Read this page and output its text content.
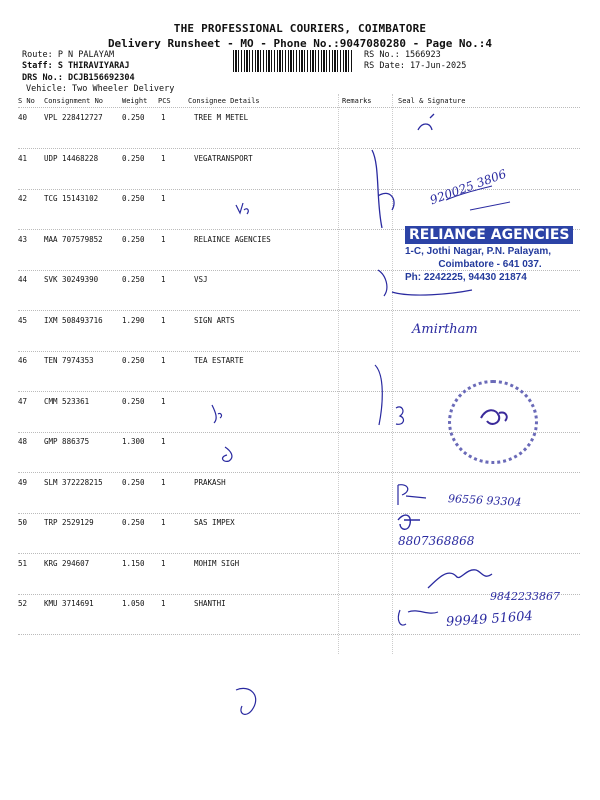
THE PROFESSIONAL COURIERS, COIMBATORE
Delivery Runsheet - MO - Phone No.:9047080280 - Page No.:4
Route: P N PALAYAM
Staff: S THIRAVIYARAJ
DRS No.: DCJB156692304
Vehicle: Two Wheeler Delivery
RS No.: 1566923
RS Date: 17-Jun-2025
S No Consignment No	Weight PCS Consignee Details	Remarks	Seal & Signature
40 VPL 228412727	0.250 1	TREE M METEL
41 UDP 14468228	0.250 1	VEGATRANSPORT
42 TCG 15143102	0.250 1
43 MAA 707579852	0.250 1	RELAINCE AGENCIES
44 SVK 30249390	0.250 1	VSJ
45 IXM 508493716	1.290 1	SIGN ARTS
46 TEN 7974353	0.250 1	TEA ESTARTE
47 CMM 523361	0.250 1
48 GMP 886375	1.300 1
49 SLM 372228215	0.250 1	PRAKASH
50 TRP 2529129	0.250 1	SAS IMPEX
51 KRG 294607	1.150 1	MOHIM SIGH
52 KMU 3714691	1.050 1	SHANTHI
RELIANCE AGENCIES
1-C, Jothi Nagar, P.N. Palayam,
Coimbatore - 641 037.
Ph: 2242225, 94430 21874
Amirtham
96556 93304
8807368868
9842233867
99949 51604
920025 3806
